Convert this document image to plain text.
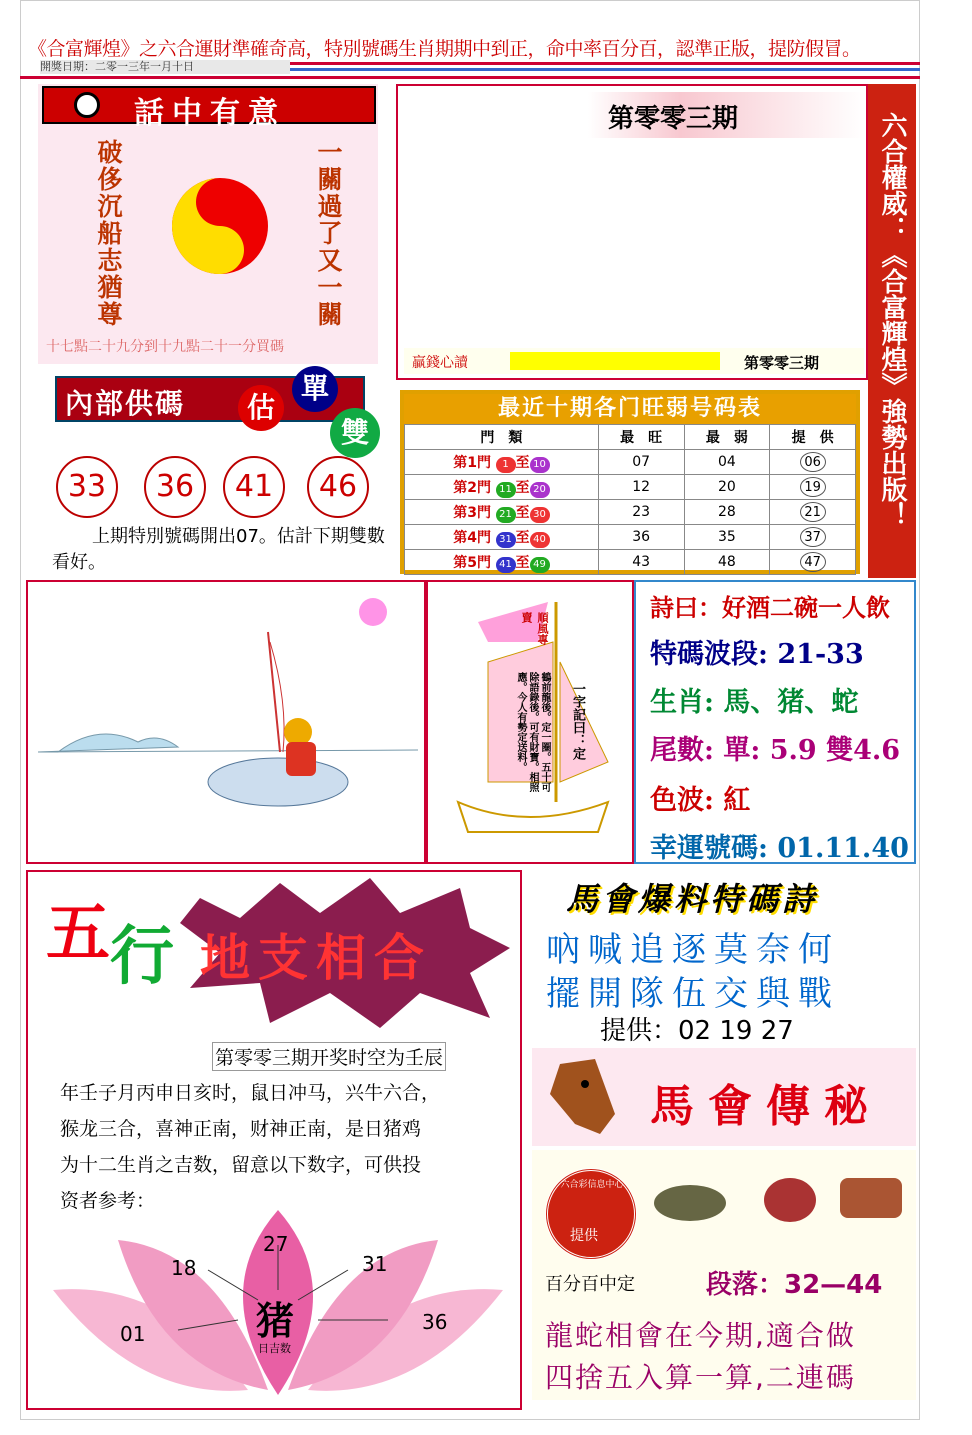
《合富輝煌》之六合運財準確奇高，特別號碼生肖期期中到正，命中率百分百，認準正版，提防假冒。
開獎日期：二零一三年一月十日
話中有意
破侈沉船志猶尊	一關過了又一關
十七點二十九分到十九點二十一分買碼
第零零三期
贏錢心讀	第零零三期	六合權威：《合富輝煌》強勢出版！
內部供碼	估
單
雙
33	36	41	46
上期特別號碼開出07。估計下期雙數看好。
最近十期各门旺弱号码表
門　類	最　旺	最　弱	提　供
第1門 1 至 10	07	04	06
第2門 11 至 20	12	20	19
第3門 21 至 30	23	28	21
第4門 31 至 40	36	35	37
第5門 41 至 49	43	48	47
順風專賣
一字記曰：定
鶴前龍後。定一圈。五十可除語錄後。可有財寶。相照應。今人有勢定送料。
詩曰：好酒二碗一人飲
特碼波段: 21-33
生肖: 馬、猪、蛇
尾數: 單: 5.9 雙4.6
色波: 紅
幸運號碼: 01.11.40
五 行 地支相合
第零零三期开奖时空为壬辰
年壬子月丙申日亥时，鼠日冲马，兴牛六合，
猴龙三合，喜神正南，财神正南，是日猪鸡
为十二生肖之吉数，留意以下数字，可供投
资者参考：
27
18	31
01	36
猪
日吉数
馬會爆料特碼詩
吶喊追逐莫奈何
擺開隊伍交與戰
提供：02 19 27
馬會傳秘
六合彩信息中心
提供
百分百中定	段落：32—44
龍蛇相會在今期,適合做
四捨五入算一算,二連碼
